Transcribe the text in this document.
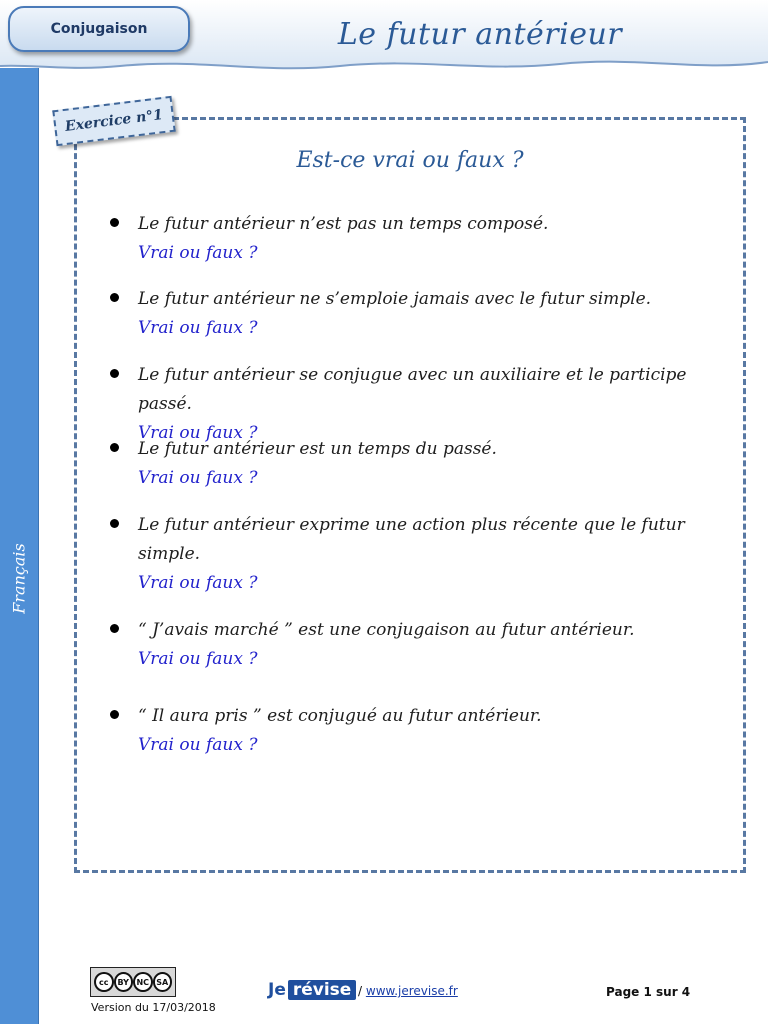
Conjugaison	Le futur antérieur
Français
Exercice n°1
Est-ce vrai ou faux ?
Le futur antérieur n’est pas un temps composé.
Vrai ou faux ?
Le futur antérieur ne s’emploie jamais avec le futur simple.
Vrai ou faux ?
Le futur antérieur se conjugue avec un auxiliaire et le participe passé.
Vrai ou faux ?
Le futur antérieur est un temps du passé.
Vrai ou faux ?
Le futur antérieur exprime une action plus récente que le futur simple.
Vrai ou faux ?
“ J’avais marché ” est une conjugaison au futur antérieur.
Vrai ou faux ?
“ Il aura pris ” est conjugué au futur antérieur.
Vrai ou faux ?
cc	BY NC SA
Version du 17/03/2018
Je révise / www.jerevise.fr	Page 1 sur 4
